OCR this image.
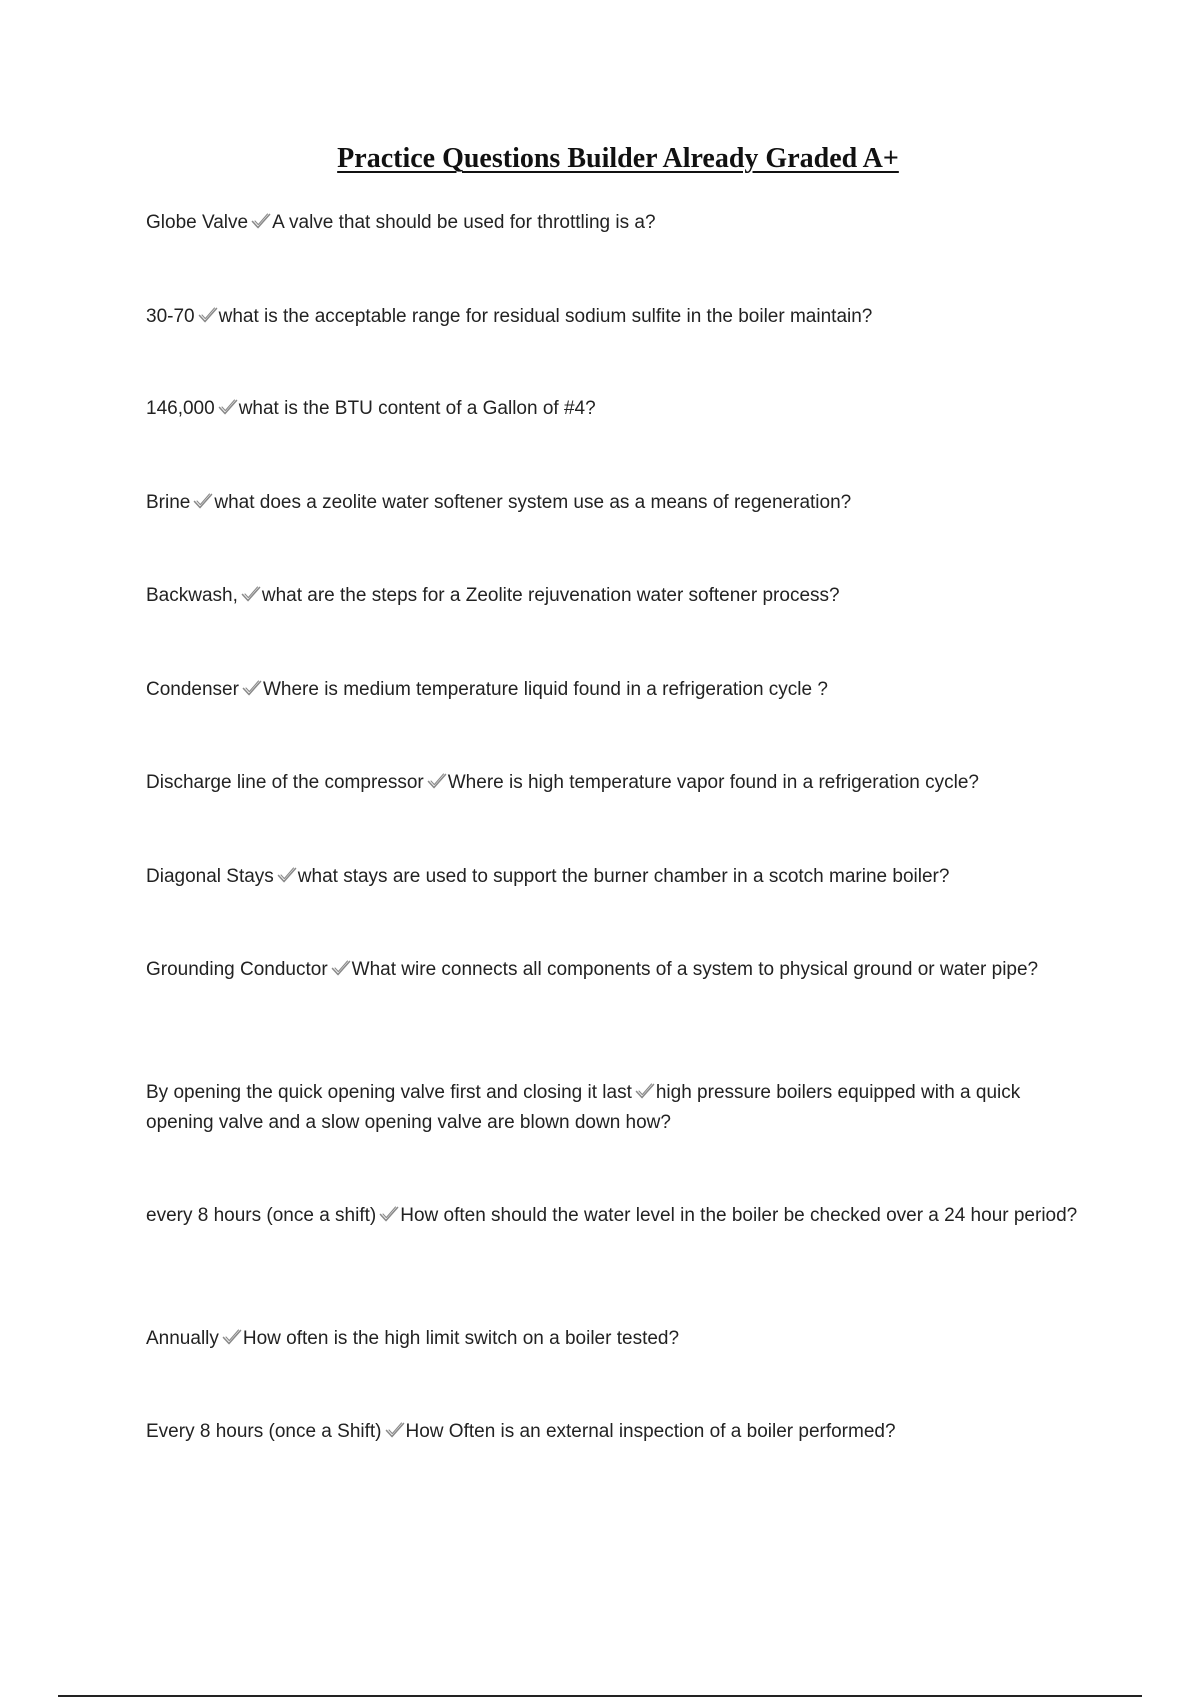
Practice Questions Builder Already Graded A+
Globe Valve A valve that should be used for throttling is a?
30-70 what is the acceptable range for residual sodium sulfite in the boiler maintain?
146,000 what is the BTU content of a Gallon of #4?
Brine what does a zeolite water softener system use as a means of regeneration?
Backwash, what are the steps for a Zeolite rejuvenation water softener process?
Condenser Where is medium temperature liquid found in a refrigeration cycle ?
Discharge line of the compressor Where is high temperature vapor found in a refrigeration cycle?
Diagonal Stays what stays are used to support the burner chamber in a scotch marine boiler?
Grounding Conductor What wire connects all components of a system to physical ground or water pipe?
By opening the quick opening valve first and closing it last high pressure boilers equipped with a quick opening valve and a slow opening valve are blown down how?
every 8 hours (once a shift) How often should the water level in the boiler be checked over a 24 hour period?
Annually How often is the high limit switch on a boiler tested?
Every 8 hours (once a Shift) How Often is an external inspection of a boiler performed?
